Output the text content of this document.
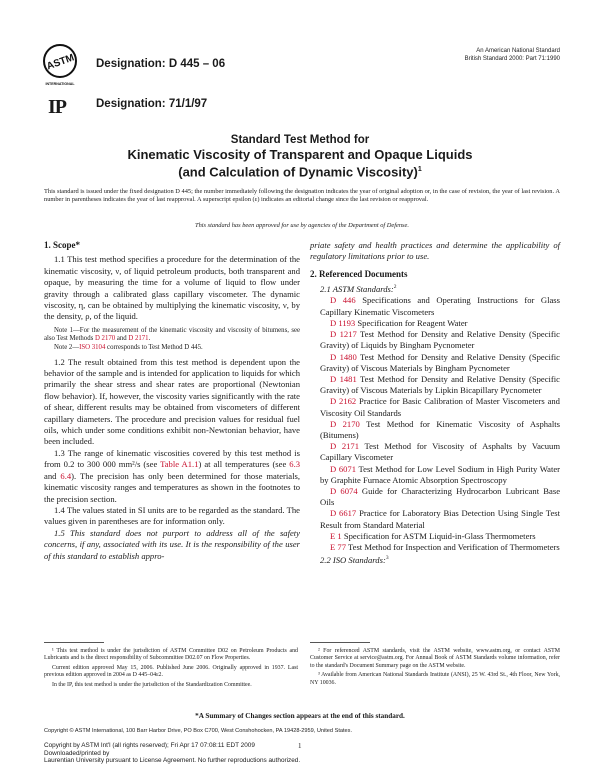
ASTM
INTERNATIONAL
Designation: D 445 – 06
An American National Standard
British Standard 2000: Part 71:1990
IP	Designation: 71/1/97
Standard Test Method for
Kinematic Viscosity of Transparent and Opaque Liquids
(and Calculation of Dynamic Viscosity)$^1$
This standard is issued under the fixed designation D 445; the number immediately following the designation indicates the year of original adoption or, in the case of revision, the year of last revision. A number in parentheses indicates the year of last reapproval. A superscript epsilon (ε) indicates an editorial change since the last revision or reapproval.
This standard has been approved for use by agencies of the Department of Defense.

1. Scope*

1.1 This test method specifies a procedure for the determination of the kinematic viscosity, ν, of liquid petroleum products, both transparent and opaque, by measuring the time for a volume of liquid to flow under gravity through a calibrated glass capillary viscometer. The dynamic viscosity, η, can be obtained by multiplying the kinematic viscosity, ν, by the density, ρ, of the liquid.

Note 1—For the measurement of the kinematic viscosity and viscosity of bitumens, see also Test Methods D 2170 and D 2171.

Note 2—ISO 3104 corresponds to Test Method D 445.

1.2 The result obtained from this test method is dependent upon the behavior of the sample and is intended for application to liquids for which primarily the shear stress and shear rates are proportional (Newtonian flow behavior). If, however, the viscosity varies significantly with the rate of shear, different results may be obtained from viscometers of different capillary diameters. The procedure and precision values for residual fuel oils, which under some conditions exhibit non-Newtonian behavior, have been included.

1.3 The range of kinematic viscosities covered by this test method is from 0.2 to 300 000 mm²/s (see Table A1.1) at all temperatures (see 6.3 and 6.4). The precision has only been determined for those materials, kinematic viscosity ranges and temperatures as shown in the footnotes to the precision section.

1.4 The values stated in SI units are to be regarded as the standard. The values given in parentheses are for information only.

1.5 This standard does not purport to address all of the safety concerns, if any, associated with its use. It is the responsibility of the user of this standard to establish appro-

priate safety and health practices and determine the applicability of regulatory limitations prior to use.

2. Referenced Documents

2.1 ASTM Standards:$^2$

D 446 Specifications and Operating Instructions for Glass Capillary Kinematic Viscometers

D 1193 Specification for Reagent Water

D 1217 Test Method for Density and Relative Density (Specific Gravity) of Liquids by Bingham Pycnometer

D 1480 Test Method for Density and Relative Density (Specific Gravity) of Viscous Materials by Bingham Pycnometer

D 1481 Test Method for Density and Relative Density (Specific Gravity) of Viscous Materials by Lipkin Bicapillary Pycnometer

D 2162 Practice for Basic Calibration of Master Viscometers and Viscosity Oil Standards

D 2170 Test Method for Kinematic Viscosity of Asphalts (Bitumens)

D 2171 Test Method for Viscosity of Asphalts by Vacuum Capillary Viscometer

D 6071 Test Method for Low Level Sodium in High Purity Water by Graphite Furnace Atomic Absorption Spectroscopy

D 6074 Guide for Characterizing Hydrocarbon Lubricant Base Oils

D 6617 Practice for Laboratory Bias Detection Using Single Test Result from Standard Material

E 1 Specification for ASTM Liquid-in-Glass Thermometers

E 77 Test Method for Inspection and Verification of Thermometers

2.2 ISO Standards:$^3$

¹ This test method is under the jurisdiction of ASTM Committee D02 on Petroleum Products and Lubricants and is the direct responsibility of Subcommittee D02.07 on Flow Properties.

Current edition approved May 15, 2006. Published June 2006. Originally approved in 1937. Last previous edition approved in 2004 as D 445–04ε2.

In the IP, this test method is under the jurisdiction of the Standardization Committee.

² For referenced ASTM standards, visit the ASTM website, www.astm.org, or contact ASTM Customer Service at service@astm.org. For Annual Book of ASTM Standards volume information, refer to the standard's Document Summary page on the ASTM website.

³ Available from American National Standards Institute (ANSI), 25 W. 43rd St., 4th Floor, New York, NY 10036.

*A Summary of Changes section appears at the end of this standard.
Copyright © ASTM International, 100 Barr Harbor Drive, PO Box C700, West Conshohocken, PA 19428-2959, United States.
Copyright by ASTM Int'l (all rights reserved); Fri Apr 17 07:08:11 EDT 2009
Downloaded/printed by
Laurentian University pursuant to License Agreement. No further reproductions authorized.
1
